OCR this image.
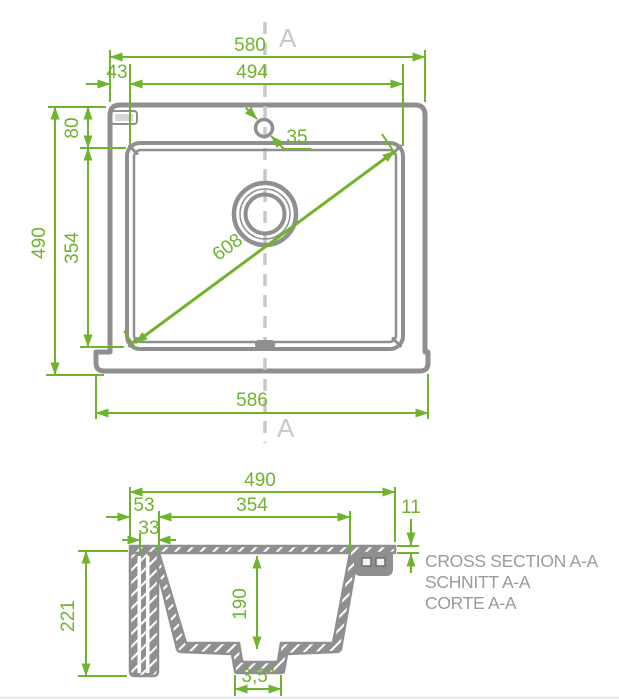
A
A
580
43	494
490
80
354
586
608
35
490
53	354
33
11
221	190
3,5"
CROSS SECTION A-A
SCHNITT A-A
CORTE A-A
